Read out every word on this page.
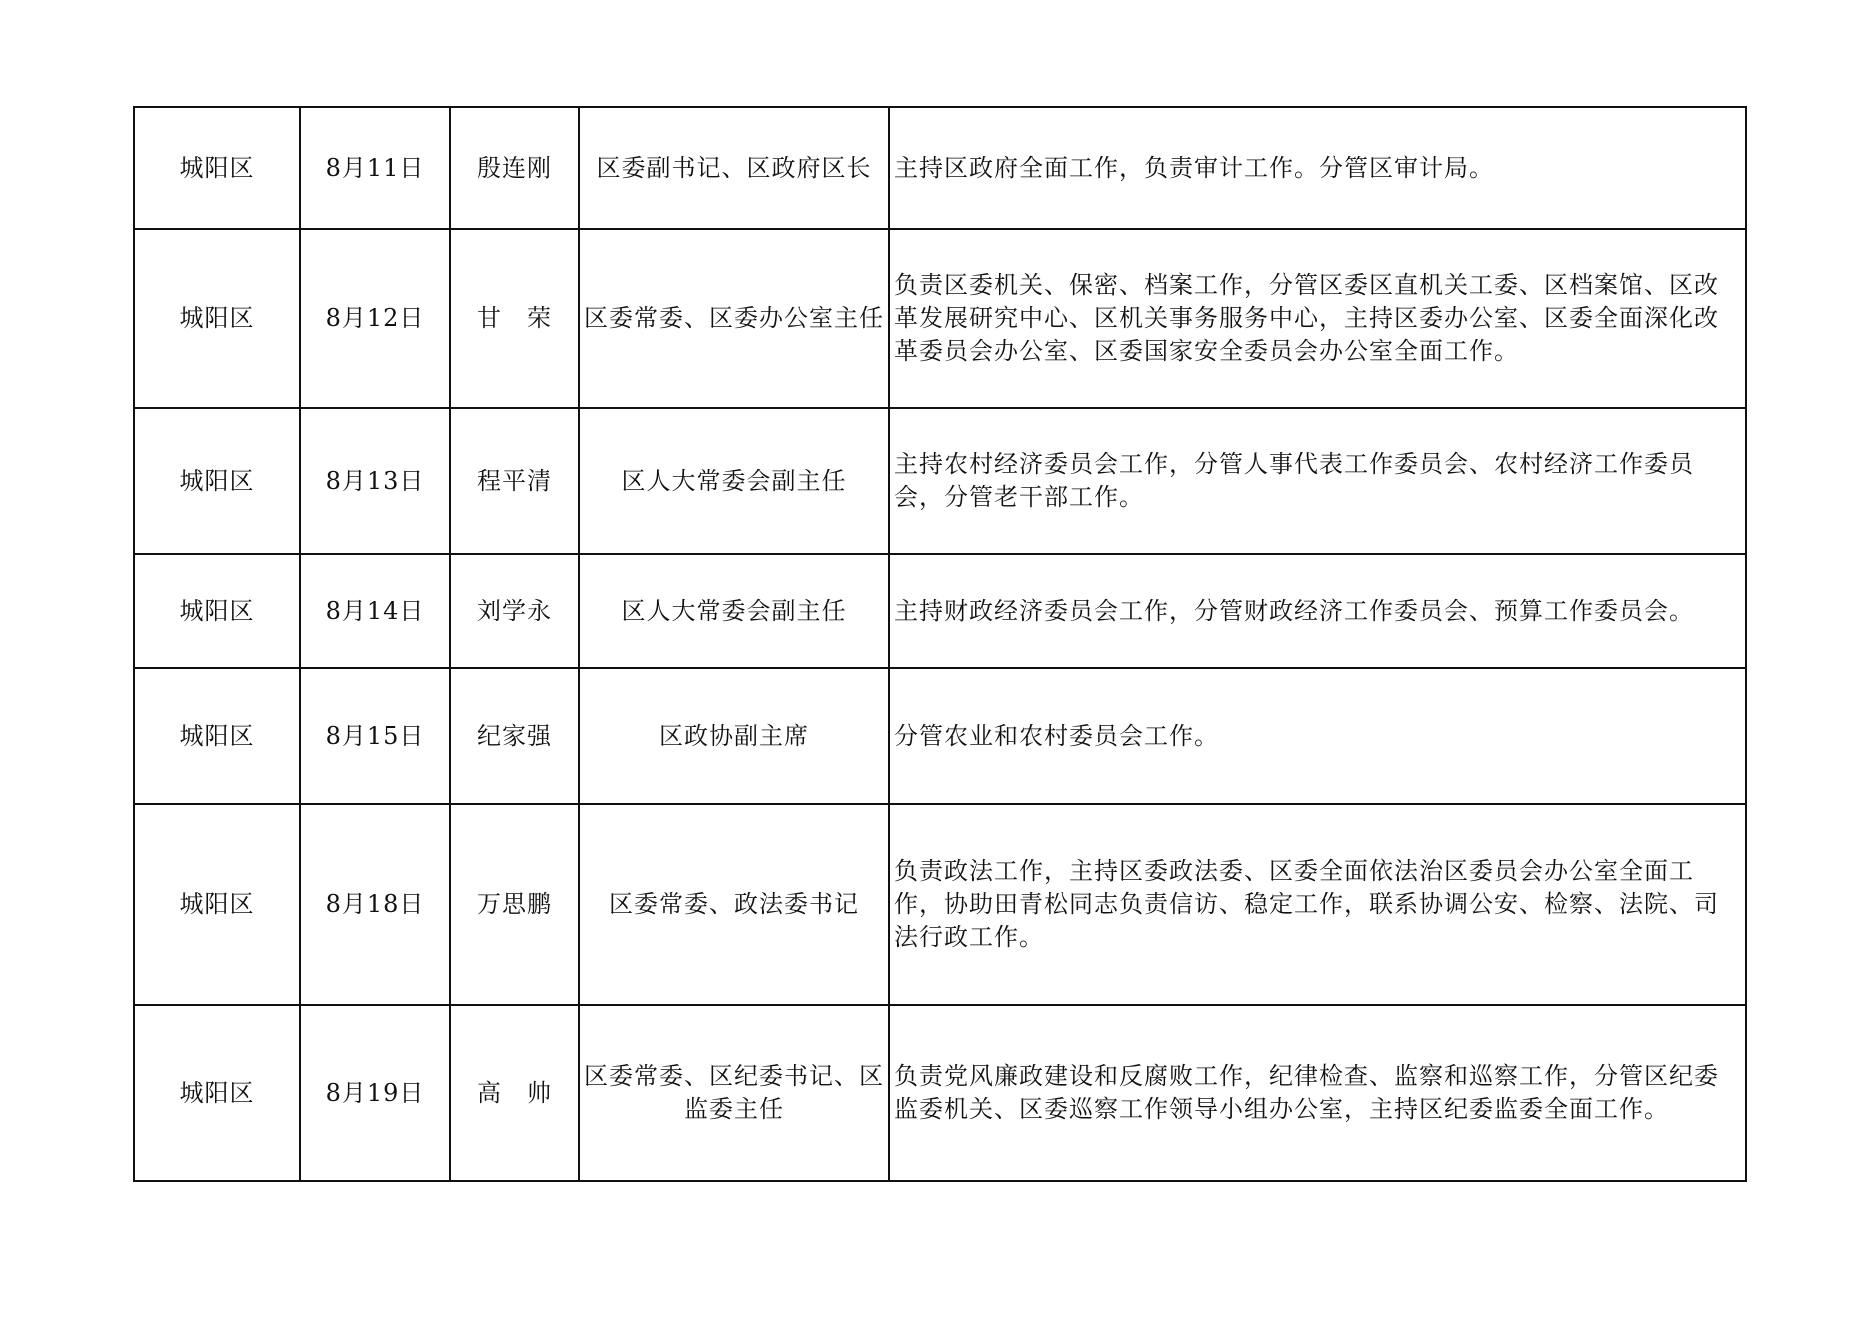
城阳区	8月11日	殷连刚	区委副书记、区政府区长	主持区政府全面工作，负责审计工作。分管区审计局。
城阳区	8月12日	甘　荣	区委常委、区委办公室主任	负责区委机关、保密、档案工作，分管区委区直机关工委、区档案馆、区改革发展研究中心、区机关事务服务中心，主持区委办公室、区委全面深化改革委员会办公室、区委国家安全委员会办公室全面工作。
城阳区	8月13日	程平清	区人大常委会副主任	主持农村经济委员会工作，分管人事代表工作委员会、农村经济工作委员会，分管老干部工作。
城阳区	8月14日	刘学永	区人大常委会副主任	主持财政经济委员会工作，分管财政经济工作委员会、预算工作委员会。
城阳区	8月15日	纪家强	区政协副主席	分管农业和农村委员会工作。
城阳区	8月18日	万思鹏	区委常委、政法委书记	负责政法工作，主持区委政法委、区委全面依法治区委员会办公室全面工作，协助田青松同志负责信访、稳定工作，联系协调公安、检察、法院、司法行政工作。
城阳区	8月19日	高　帅	区委常委、区纪委书记、区监委主任	负责党风廉政建设和反腐败工作，纪律检查、监察和巡察工作，分管区纪委监委机关、区委巡察工作领导小组办公室，主持区纪委监委全面工作。
